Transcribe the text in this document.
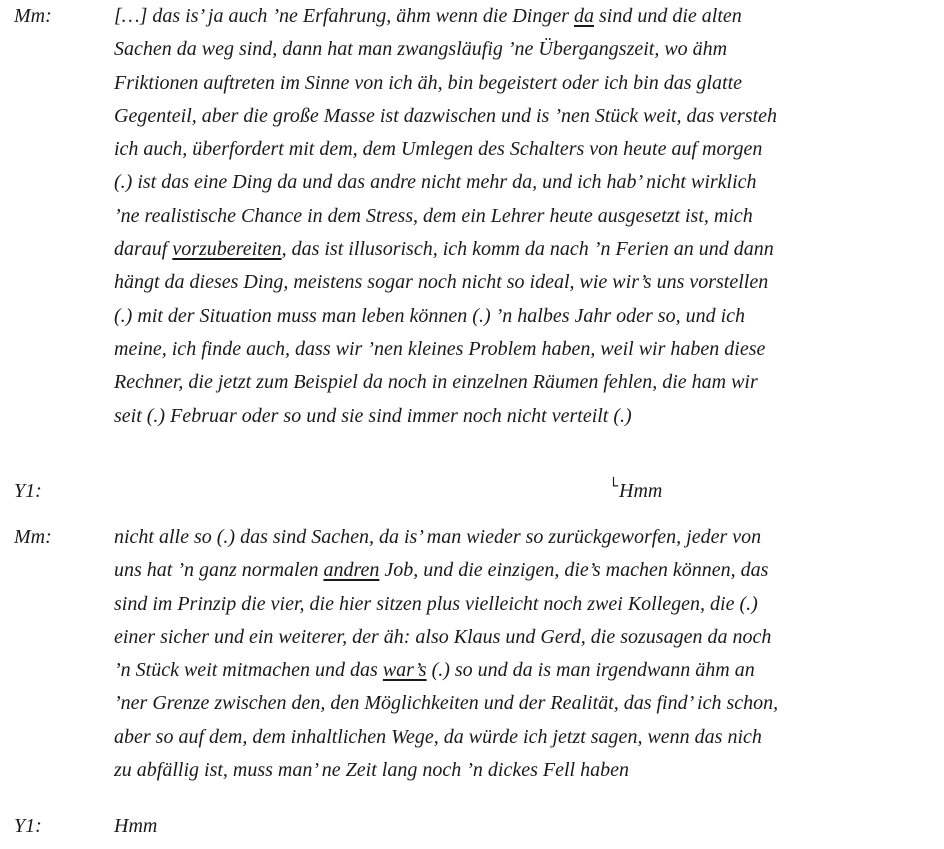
Mm:	[…] das is’ ja auch ’ne Erfahrung, ähm wenn die Dinger da sind und die alten
Sachen da weg sind, dann hat man zwangsläufig ’ne Übergangszeit, wo ähm
Friktionen auftreten im Sinne von ich äh, bin begeistert oder ich bin das glatte
Gegenteil, aber die große Masse ist dazwischen und is ’nen Stück weit, das versteh
ich auch, überfordert mit dem, dem Umlegen des Schalters von heute auf morgen
(.) ist das eine Ding da und das andre nicht mehr da, und ich hab’ nicht wirklich
’ne realistische Chance in dem Stress, dem ein Lehrer heute ausgesetzt ist, mich
darauf vorzubereiten, das ist illusorisch, ich komm da nach ’n Ferien an und dann
hängt da dieses Ding, meistens sogar noch nicht so ideal, wie wir’s uns vorstellen
(.) mit der Situation muss man leben können (.) ’n halbes Jahr oder so, und ich
meine, ich finde auch, dass wir ’nen kleines Problem haben, weil wir haben diese
Rechner, die jetzt zum Beispiel da noch in einzelnen Räumen fehlen, die ham wir
seit (.) Februar oder so und sie sind immer noch nicht verteilt (.)
Y1:	└Hmm
Mm:	nicht alle so (.) das sind Sachen, da is’ man wieder so zurückgeworfen, jeder von
uns hat ’n ganz normalen andren Job, und die einzigen, die’s machen können, das
sind im Prinzip die vier, die hier sitzen plus vielleicht noch zwei Kollegen, die (.)
einer sicher und ein weiterer, der äh: also Klaus und Gerd, die sozusagen da noch
’n Stück weit mitmachen und das war’s (.) so und da is man irgendwann ähm an
’ner Grenze zwischen den, den Möglichkeiten und der Realität, das find’ ich schon,
aber so auf dem, dem inhaltlichen Wege, da würde ich jetzt sagen, wenn das nich
zu abfällig ist, muss man’ ne Zeit lang noch ’n dickes Fell haben
Y1:	Hmm
